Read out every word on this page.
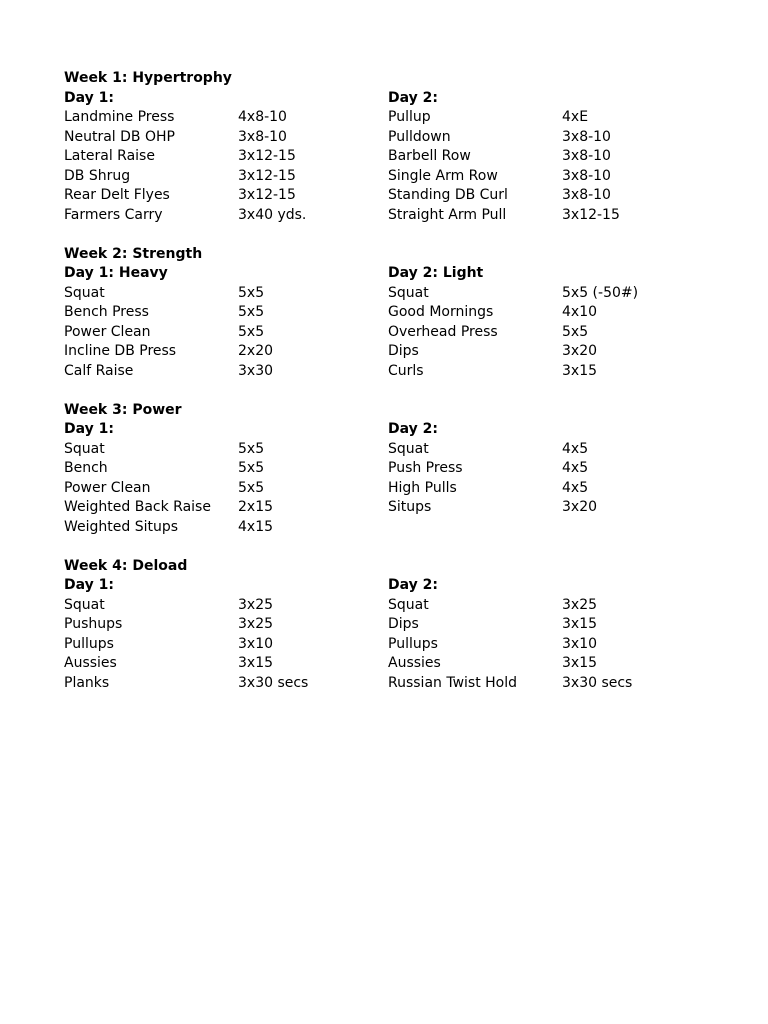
Week 1: Hypertrophy
Day 1:	Day 2:
Landmine Press	4x8-10	Pullup	4xE
Neutral DB OHP	3x8-10	Pulldown	3x8-10
Lateral Raise	3x12-15	Barbell Row	3x8-10
DB Shrug	3x12-15	Single Arm Row	3x8-10
Rear Delt Flyes	3x12-15	Standing DB Curl	3x8-10
Farmers Carry	3x40 yds.	Straight Arm Pull	3x12-15
Week 2: Strength
Day 1: Heavy	Day 2: Light
Squat	5x5	Squat	5x5 (-50#)
Bench Press	5x5	Good Mornings	4x10
Power Clean	5x5	Overhead Press	5x5
Incline DB Press	2x20	Dips	3x20
Calf Raise	3x30	Curls	3x15
Week 3: Power
Day 1:	Day 2:
Squat	5x5	Squat	4x5
Bench	5x5	Push Press	4x5
Power Clean	5x5	High Pulls	4x5
Weighted Back Raise 2x15	Situps	3x20
Weighted Situps	4x15
Week 4: Deload
Day 1:	Day 2:
Squat	3x25	Squat	3x25
Pushups	3x25	Dips	3x15
Pullups	3x10	Pullups	3x10
Aussies	3x15	Aussies	3x15
Planks	3x30 secs	Russian Twist Hold	3x30 secs
